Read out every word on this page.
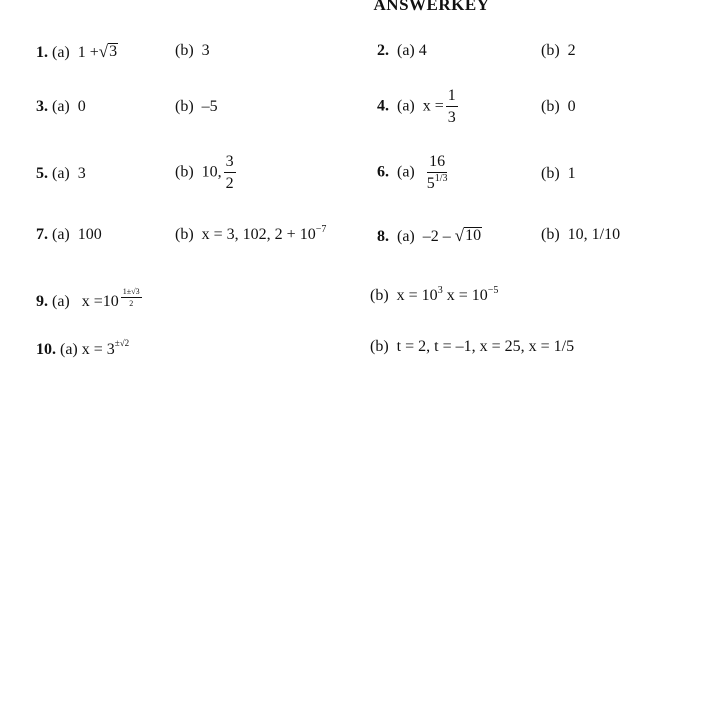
ANSWERKEY
1. (a) 1 + √ 3	(b) 3	2. (a) 4	(b) 2
3. (a) 0	(b) –5	4. (a) $x = \frac{1}{3}$	(b) 0
5. (a) 3	(b) 10, $\frac{3}{2}$	6. $(a) \frac{16}{5^{1/3}}$	(b) 1
7. (a) 100	(b) x = 3, 102, $2 + 10^{-7}$	8. (a) –2 – √ 10	(b) 10, 1/10
9. (a) $x =10 \frac{1\pm√3}{2}$	(b) $x = 10^3$ $x = 10^{-5}$
10. (a) x = 3±√2	(b) t = 2, t = –1, x = 25, x = 1/5
